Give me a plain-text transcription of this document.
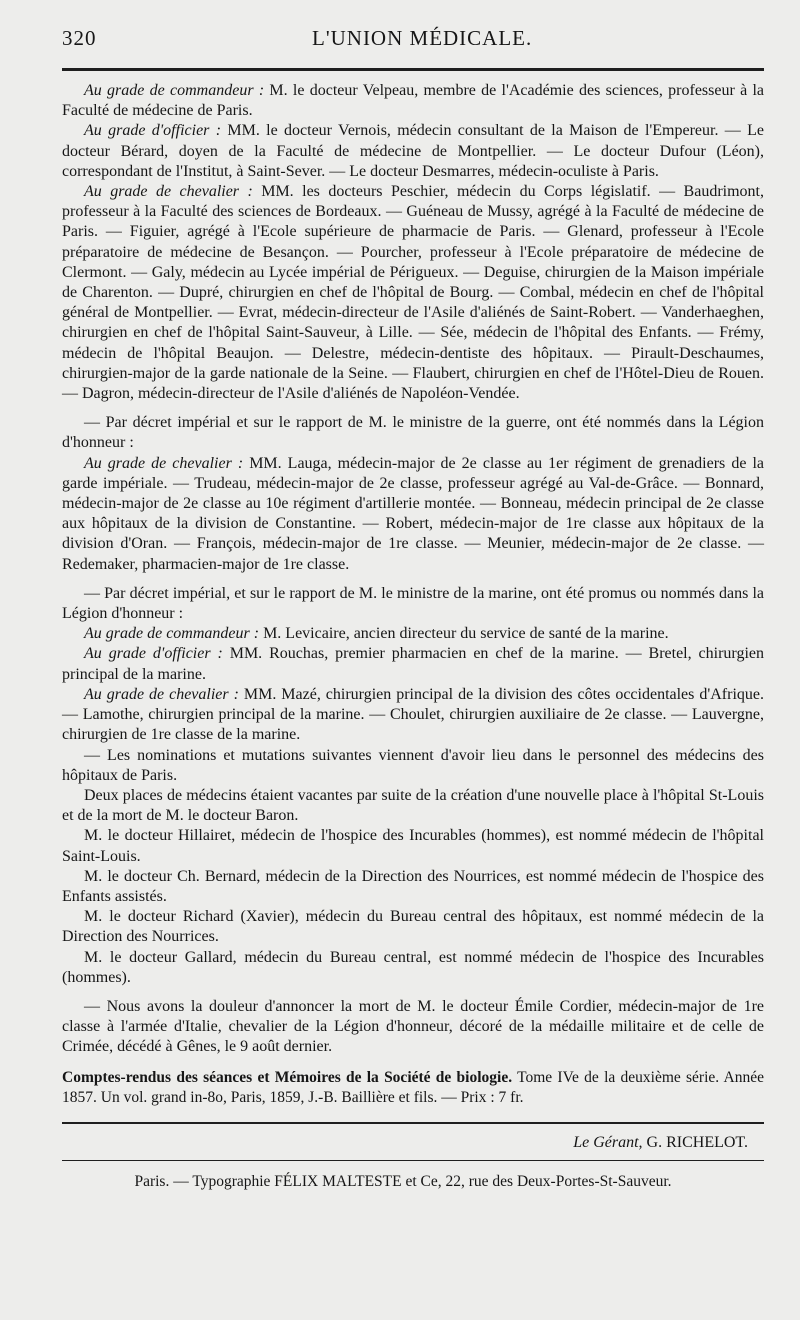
320	L'UNION MÉDICALE.

Au grade de commandeur : M. le docteur Velpeau, membre de l'Académie des sciences, professeur à la Faculté de médecine de Paris.

Au grade d'officier : MM. le docteur Vernois, médecin consultant de la Maison de l'Empereur. — Le docteur Bérard, doyen de la Faculté de médecine de Montpellier. — Le docteur Dufour (Léon), correspondant de l'Institut, à Saint-Sever. — Le docteur Desmarres, médecin-oculiste à Paris.

Au grade de chevalier : MM. les docteurs Peschier, médecin du Corps législatif. — Baudrimont, professeur à la Faculté des sciences de Bordeaux. — Guéneau de Mussy, agrégé à la Faculté de médecine de Paris. — Figuier, agrégé à l'Ecole supérieure de pharmacie de Paris. — Glenard, professeur à l'Ecole préparatoire de médecine de Besançon. — Pourcher, professeur à l'Ecole préparatoire de médecine de Clermont. — Galy, médecin au Lycée impérial de Périgueux. — Deguise, chirurgien de la Maison impériale de Charenton. — Dupré, chirurgien en chef de l'hôpital de Bourg. — Combal, médecin en chef de l'hôpital général de Montpellier. — Evrat, médecin-directeur de l'Asile d'aliénés de Saint-Robert. — Vanderhaeghen, chirurgien en chef de l'hôpital Saint-Sauveur, à Lille. — Sée, médecin de l'hôpital des Enfants. — Frémy, médecin de l'hôpital Beaujon. — Delestre, médecin-dentiste des hôpitaux. — Pirault-Deschaumes, chirurgien-major de la garde nationale de la Seine. — Flaubert, chirurgien en chef de l'Hôtel-Dieu de Rouen. — Dagron, médecin-directeur de l'Asile d'aliénés de Napoléon-Vendée.

— Par décret impérial et sur le rapport de M. le ministre de la guerre, ont été nommés dans la Légion d'honneur :

Au grade de chevalier : MM. Lauga, médecin-major de 2e classe au 1er régiment de grenadiers de la garde impériale. — Trudeau, médecin-major de 2e classe, professeur agrégé au Val-de-Grâce. — Bonnard, médecin-major de 2e classe au 10e régiment d'artillerie montée. — Bonneau, médecin principal de 2e classe aux hôpitaux de la division de Constantine. — Robert, médecin-major de 1re classe aux hôpitaux de la division d'Oran. — François, médecin-major de 1re classe. — Meunier, médecin-major de 2e classe. — Redemaker, pharmacien-major de 1re classe.

— Par décret impérial, et sur le rapport de M. le ministre de la marine, ont été promus ou nommés dans la Légion d'honneur :

Au grade de commandeur : M. Levicaire, ancien directeur du service de santé de la marine.

Au grade d'officier : MM. Rouchas, premier pharmacien en chef de la marine. — Bretel, chirurgien principal de la marine.

Au grade de chevalier : MM. Mazé, chirurgien principal de la division des côtes occidentales d'Afrique. — Lamothe, chirurgien principal de la marine. — Choulet, chirurgien auxiliaire de 2e classe. — Lauvergne, chirurgien de 1re classe de la marine.

— Les nominations et mutations suivantes viennent d'avoir lieu dans le personnel des médecins des hôpitaux de Paris.

Deux places de médecins étaient vacantes par suite de la création d'une nouvelle place à l'hôpital St-Louis et de la mort de M. le docteur Baron.

M. le docteur Hillairet, médecin de l'hospice des Incurables (hommes), est nommé médecin de l'hôpital Saint-Louis.

M. le docteur Ch. Bernard, médecin de la Direction des Nourrices, est nommé médecin de l'hospice des Enfants assistés.

M. le docteur Richard (Xavier), médecin du Bureau central des hôpitaux, est nommé médecin de la Direction des Nourrices.

M. le docteur Gallard, médecin du Bureau central, est nommé médecin de l'hospice des Incurables (hommes).

— Nous avons la douleur d'annoncer la mort de M. le docteur Émile Cordier, médecin-major de 1re classe à l'armée d'Italie, chevalier de la Légion d'honneur, décoré de la médaille militaire et de celle de Crimée, décédé à Gênes, le 9 août dernier.

Comptes-rendus des séances et Mémoires de la Société de biologie. Tome IVe de la deuxième série. Année 1857. Un vol. grand in-8o, Paris, 1859, J.-B. Baillière et fils. — Prix : 7 fr.
Le Gérant, G. RICHELOT.
Paris. — Typographie FÉLIX MALTESTE et Ce, 22, rue des Deux-Portes-St-Sauveur.
